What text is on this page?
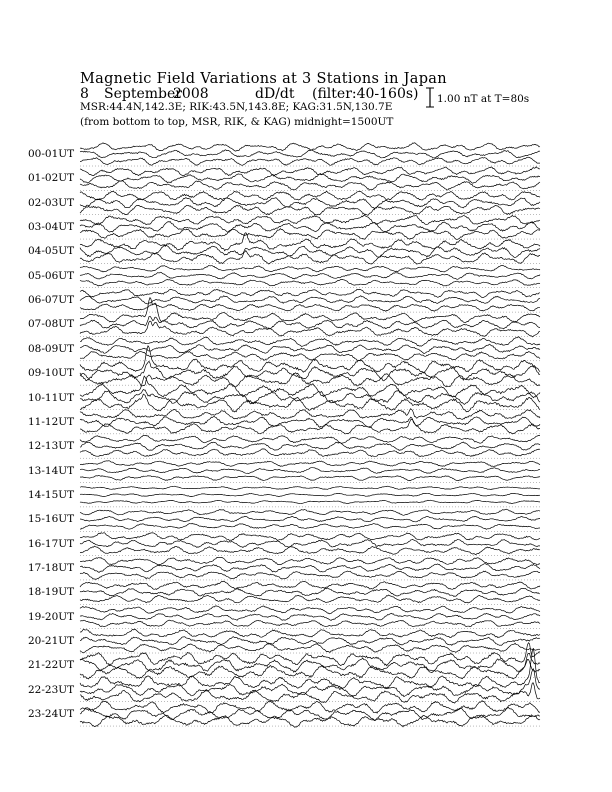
Magnetic Field Variations at 3 Stations in Japan
8 September
2008	dD/dt (filter:40-160s)
MSR:44.4N,142.3E; RIK:43.5N,143.8E; KAG:31.5N,130.7E
(from bottom to top, MSR, RIK, & KAG) midnight=1500UT
1.00 nT at T=80s
00-01UT
01-02UT
02-03UT
03-04UT
04-05UT
05-06UT
06-07UT
07-08UT
08-09UT
09-10UT
10-11UT
11-12UT
12-13UT
13-14UT
14-15UT
15-16UT
16-17UT
17-18UT
18-19UT
19-20UT
20-21UT
21-22UT
22-23UT
23-24UT
